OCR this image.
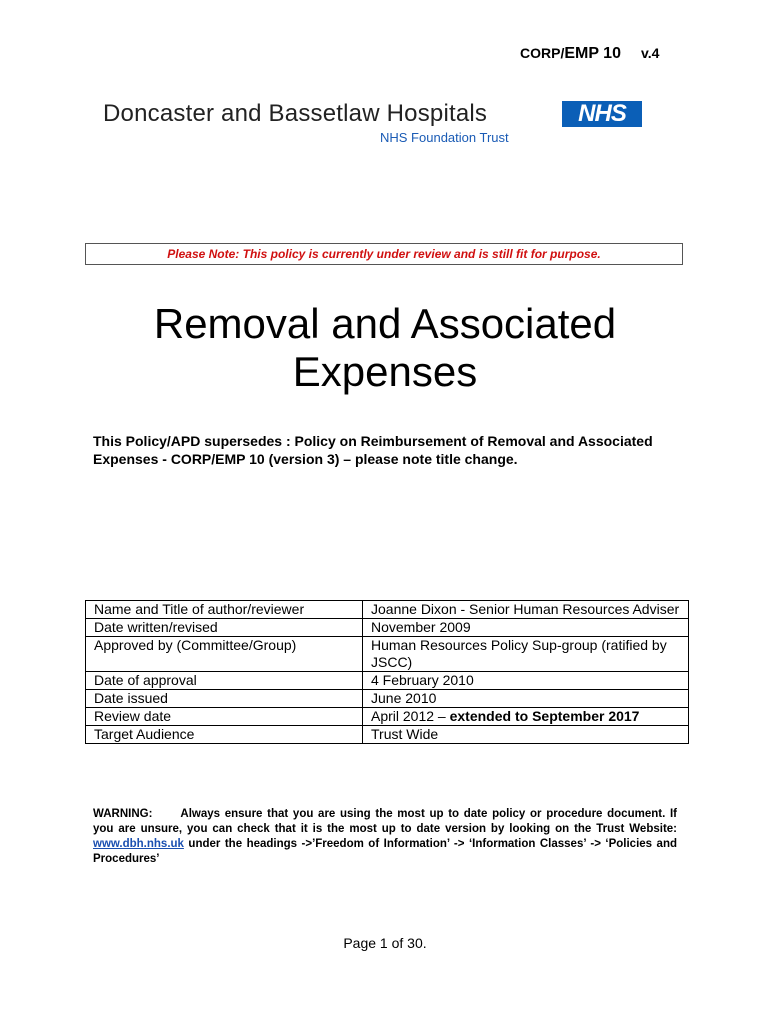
CORP/EMP 10 v.4
Doncaster and Bassetlaw Hospitals	NHS
NHS Foundation Trust
Please Note: This policy is currently under review and is still fit for purpose.
Removal and Associated
Expenses
This Policy/APD supersedes : Policy on Reimbursement of Removal and Associated Expenses - CORP/EMP 10 (version 3) – please note title change.
Name and Title of author/reviewer	Joanne Dixon - Senior Human Resources Adviser
Date written/revised	November 2009
Approved by (Committee/Group)	Human Resources Policy Sup-group (ratified by JSCC)
Date of approval	4 February 2010
Date issued	June 2010
Review date	April 2012 – extended to September 2017
Target Audience	Trust Wide
WARNING: Always ensure that you are using the most up to date policy or procedure document. If you are unsure, you can check that it is the most up to date version by looking on the Trust Website: www.dbh.nhs.uk under the headings ->’Freedom of Information’ -> ‘Information Classes’ -> ‘Policies and Procedures’
Page 1 of 30.
